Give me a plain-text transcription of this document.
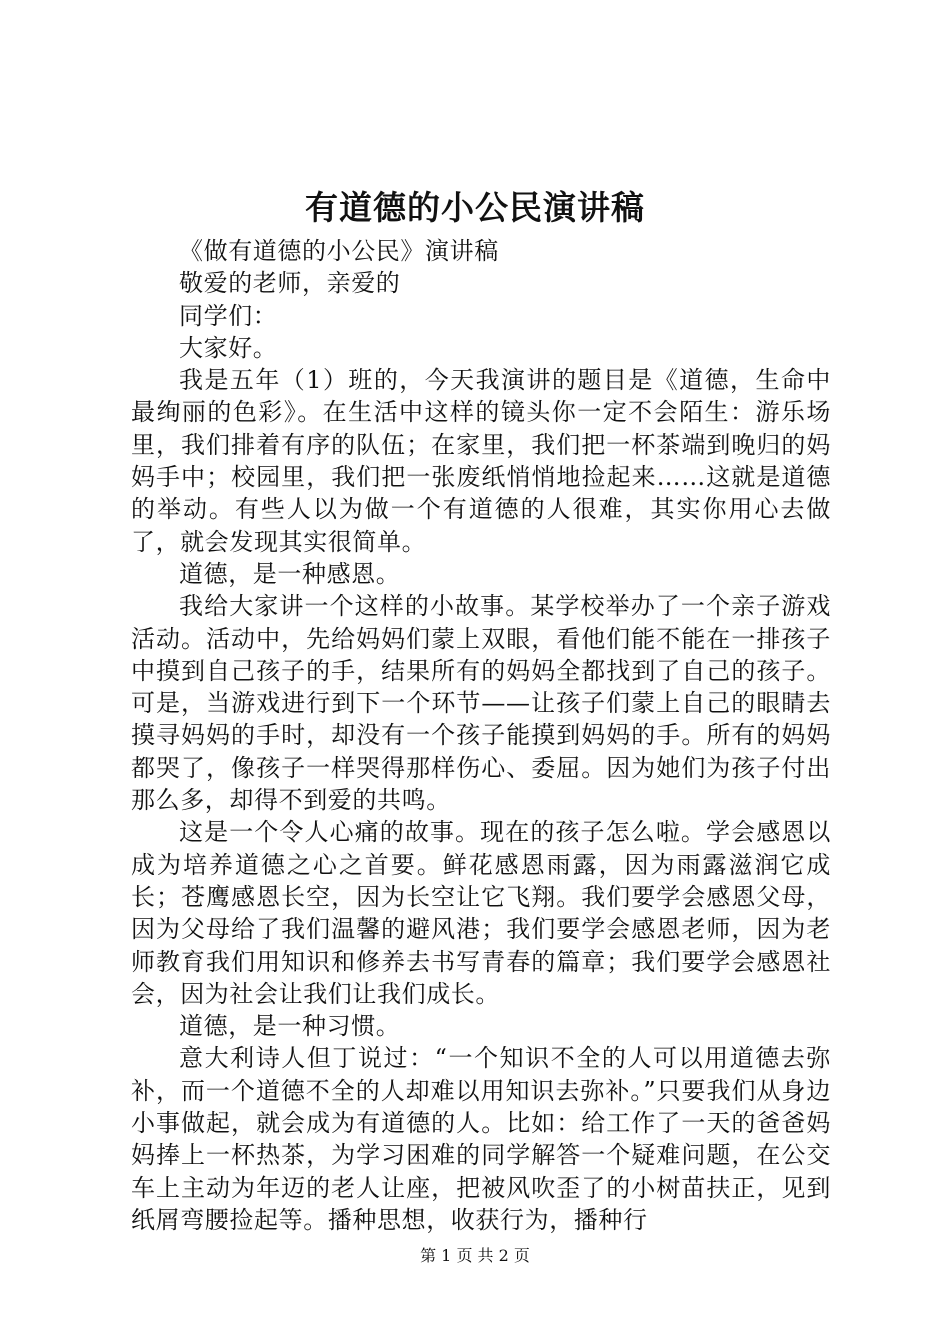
有道德的小公民演讲稿

《做有道德的小公民》演讲稿

敬爱的老师，亲爱的

同学们：

大家好。

我是五年（1）班的，今天我演讲的题目是《道德，生命中最绚丽的色彩》。在生活中这样的镜头你一定不会陌生：游乐场里，我们排着有序的队伍；在家里，我们把一杯茶端到晚归的妈妈手中；校园里，我们把一张废纸悄悄地捡起来……这就是道德的举动。有些人以为做一个有道德的人很难，其实你用心去做了，就会发现其实很简单。

道德，是一种感恩。

我给大家讲一个这样的小故事。某学校举办了一个亲子游戏活动。活动中，先给妈妈们蒙上双眼，看他们能不能在一排孩子中摸到自己孩子的手，结果所有的妈妈全都找到了自己的孩子。可是，当游戏进行到下一个环节——让孩子们蒙上自己的眼睛去摸寻妈妈的手时，却没有一个孩子能摸到妈妈的手。所有的妈妈都哭了，像孩子一样哭得那样伤心、委屈。因为她们为孩子付出那么多，却得不到爱的共鸣。

这是一个令人心痛的故事。现在的孩子怎么啦。学会感恩以成为培养道德之心之首要。鲜花感恩雨露，因为雨露滋润它成长；苍鹰感恩长空，因为长空让它飞翔。我们要学会感恩父母，因为父母给了我们温馨的避风港；我们要学会感恩老师，因为老师教育我们用知识和修养去书写青春的篇章；我们要学会感恩社会，因为社会让我们让我们成长。

道德，是一种习惯。

意大利诗人但丁说过：“一个知识不全的人可以用道德去弥补，而一个道德不全的人却难以用知识去弥补。”只要我们从身边小事做起，就会成为有道德的人。比如：给工作了一天的爸爸妈妈捧上一杯热茶，为学习困难的同学解答一个疑难问题，在公交车上主动为年迈的老人让座，把被风吹歪了的小树苗扶正，见到纸屑弯腰捡起等。播种思想，收获行为，播种行

第 1 页 共 2 页
